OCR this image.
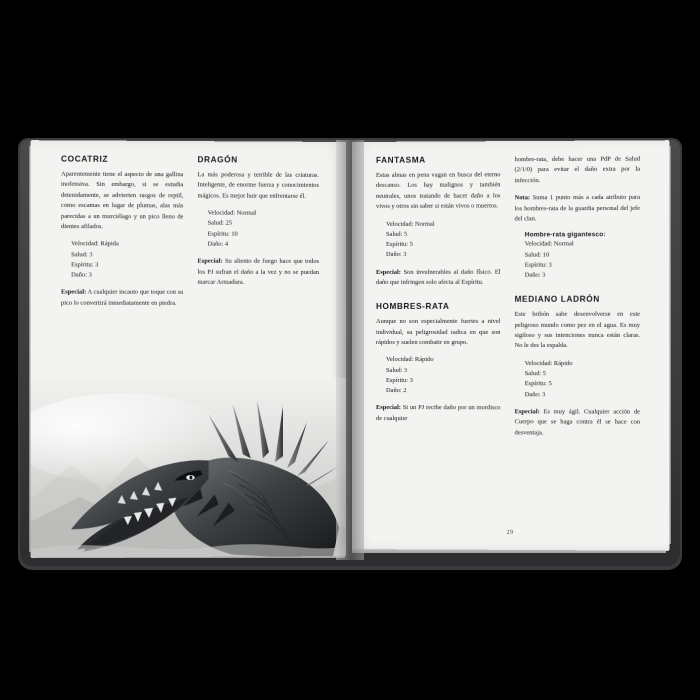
COCATRIZ

Aparentemente tiene el aspecto de una gallina inofensiva. Sin embargo, si se estudia detenidamente, se advierten rasgos de reptil, como escamas en lugar de plumas, alas más parecidas a un murciélago y un pico lleno de dientes afilados.

Velocidad: Rápida
Salud: 3
Espíritu: 3
Daño: 3

Especial: A cualquier incauto que toque con su pico lo convertirá inmediatamente en piedra.

DRAGÓN

La más poderosa y terrible de las criaturas. Inteligente, de enorme fuerza y conocimientos mágicos. Es mejor huir que enfrentarse él.

Velocidad: Normal
Salud: 25
Espíritu: 10
Daño: 4

Especial: Su aliento de fuego hace que todos los PJ sufran el daño a la vez y no se puedan marcar Armadura.

FANTASMA

Estas almas en pena vagan en busca del eterno descanso. Los hay malignos y también neutrales, unos tratando de hacer daño a los vivos y otros sin saber si están vivos o muertos.

Velocidad: Normal
Salud: 5
Espíritu: 5
Daño: 3

Especial: Son invulnerables al daño físico. El daño que infringen solo afecta al Espíritu.

HOMBRES-RATA

Aunque no son especialmente fuertes a nivel individual, su peligrosidad radica en que son rápidos y suelen combatir en grupo.

Velocidad: Rápido
Salud: 3
Espíritu: 3
Daño: 2

Especial: Si un PJ recibe daño por un mordisco de cualquier

hombre-rata, debe hacer una PdP de Salud (2/1/0) para evitar el daño extra por la infección.

Nota: Suma 1 punto más a cada atributo para los hombres-rata de la guardia personal del jefe del clan.

Hombre-rata gigantesco:
Velocidad: Normal
Salud: 10
Espíritu: 3
Daño: 3
MEDIANO LADRÓN

Este bribón sabe desenvolverse en este peligroso mundo como pez en el agua. Es muy sigiloso y sus intenciones nunca están claras. No le des la espalda.

Velocidad: Rápido
Salud: 5
Espíritu: 5
Daño: 3

Especial: Es muy ágil. Cualquier acción de Cuerpo que se haga contra él se hace con desventaja.

29
